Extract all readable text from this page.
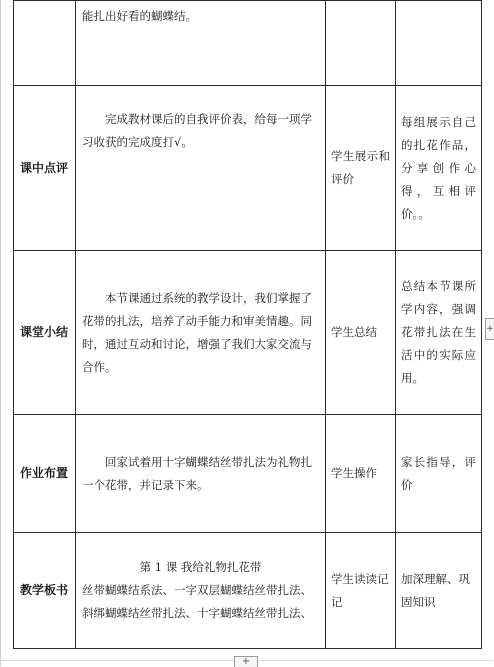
	能扎出好看的蝴蝶结。		

课中点评	完成教材课后的自我评价表，给每一项学习收获的完成度打√。	学生展示和评价	每组展示自己的扎花作品，分享创作心得，互相评价。。

课堂小结	本节课通过系统的教学设计，我们掌握了花带的扎法，培养了动手能力和审美情趣。同时，通过互动和讨论，增强了我们大家交流与合作。	学生总结	总结本节课所学内容，强调花带扎法在生活中的实际应用。

作业布置	回家试着用十字蝴蝶结丝带扎法为礼物扎一个花带，并记录下来。	学生操作	家长指导，评价

教学板书	第 1 课 我给礼物扎花带

丝带蝴蝶结系法、一字双层蝴蝶结丝带扎法、斜绑蝴蝶结丝带扎法、十字蝴蝶结丝带扎法、	学生读读记记	加深理解、巩固知识
+
+
